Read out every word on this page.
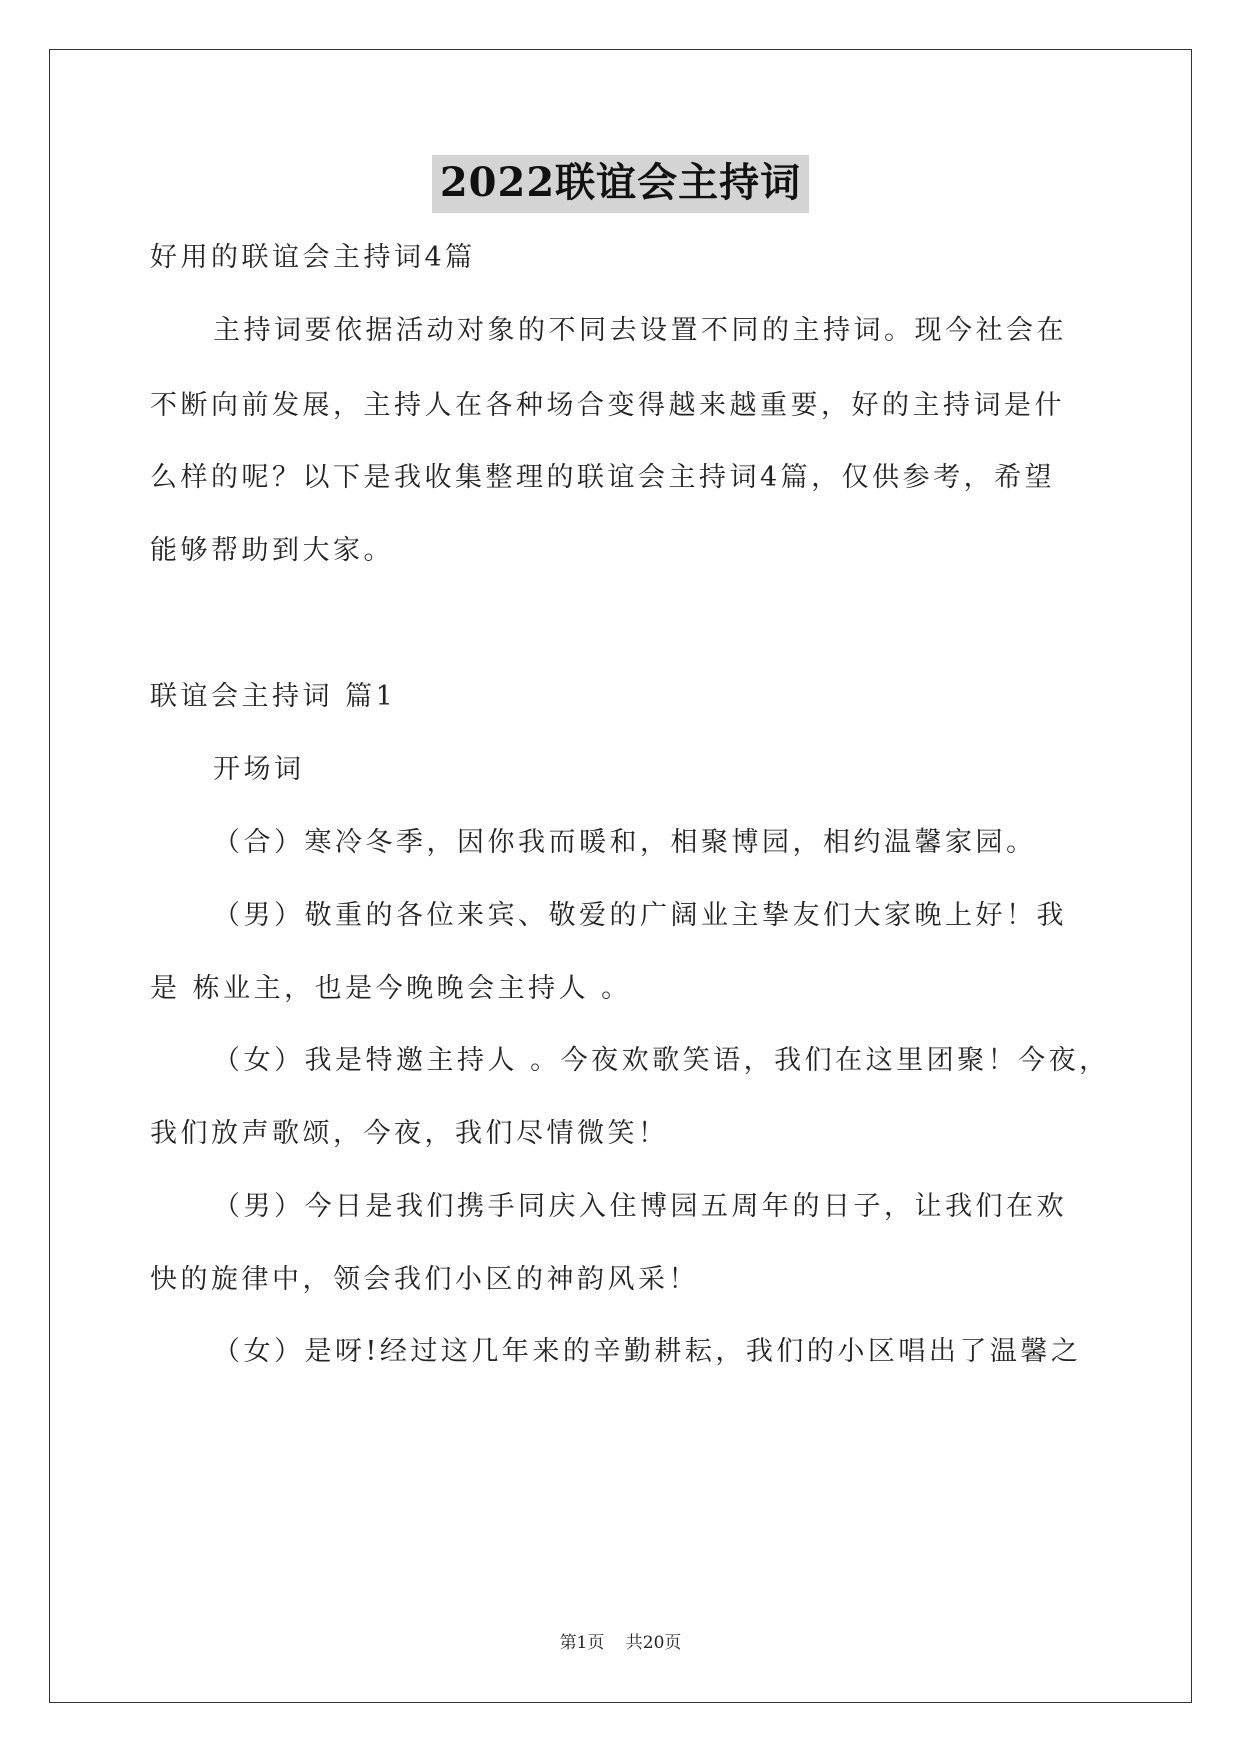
2022联谊会主持词
好用的联谊会主持词4篇
主持词要依据活动对象的不同去设置不同的主持词。现今社会在
不断向前发展，主持人在各种场合变得越来越重要，好的主持词是什
么样的呢？以下是我收集整理的联谊会主持词4篇，仅供参考，希望
能够帮助到大家。
联谊会主持词 篇1
开场词
（合）寒冷冬季，因你我而暖和，相聚博园，相约温馨家园。
（男）敬重的各位来宾、敬爱的广阔业主挚友们大家晚上好！我
是 栋业主，也是今晚晚会主持人 。
（女）我是特邀主持人 。今夜欢歌笑语，我们在这里团聚！今夜，
我们放声歌颂，今夜，我们尽情微笑！
（男）今日是我们携手同庆入住博园五周年的日子，让我们在欢
快的旋律中，领会我们小区的神韵风采！
（女）是呀!经过这几年来的辛勤耕耘，我们的小区唱出了温馨之
第1页 共20页
